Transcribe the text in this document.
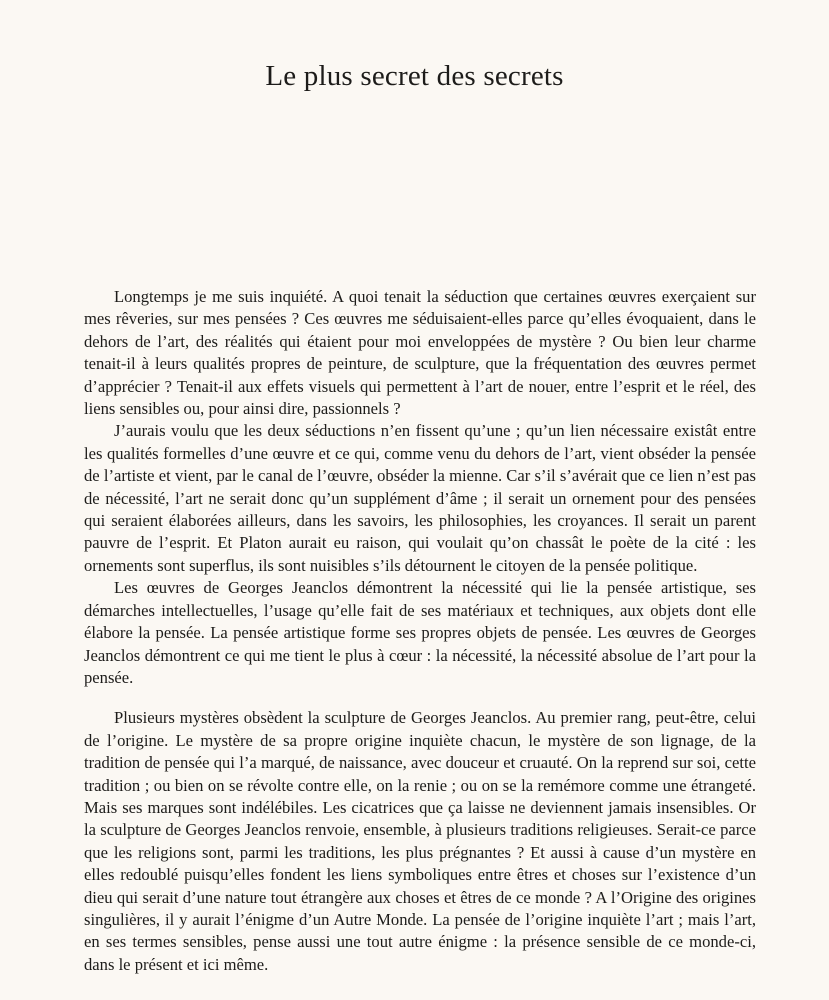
Le plus secret des secrets

Longtemps je me suis inquiété. A quoi tenait la séduction que certaines œuvres exerçaient sur mes rêveries, sur mes pensées ? Ces œuvres me séduisaient-elles parce qu’elles évoquaient, dans le dehors de l’art, des réalités qui étaient pour moi enveloppées de mystère ? Ou bien leur charme tenait-il à leurs qualités propres de peinture, de sculpture, que la fréquentation des œuvres permet d’apprécier ? Tenait-il aux effets visuels qui permettent à l’art de nouer, entre l’esprit et le réel, des liens sensibles ou, pour ainsi dire, passionnels ?

J’aurais voulu que les deux séductions n’en fissent qu’une ; qu’un lien nécessaire existât entre les qualités formelles d’une œuvre et ce qui, comme venu du dehors de l’art, vient obséder la pensée de l’artiste et vient, par le canal de l’œuvre, obséder la mienne. Car s’il s’avérait que ce lien n’est pas de nécessité, l’art ne serait donc qu’un supplément d’âme ; il serait un ornement pour des pensées qui seraient élaborées ailleurs, dans les savoirs, les philosophies, les croyances. Il serait un parent pauvre de l’esprit. Et Platon aurait eu raison, qui voulait qu’on chassât le poète de la cité : les ornements sont superflus, ils sont nuisibles s’ils détournent le citoyen de la pensée politique.

Les œuvres de Georges Jeanclos démontrent la nécessité qui lie la pensée artistique, ses démarches intellectuelles, l’usage qu’elle fait de ses matériaux et techniques, aux objets dont elle élabore la pensée. La pensée artistique forme ses propres objets de pensée. Les œuvres de Georges Jeanclos démontrent ce qui me tient le plus à cœur : la nécessité, la nécessité absolue de l’art pour la pensée.

Plusieurs mystères obsèdent la sculpture de Georges Jeanclos. Au premier rang, peut-être, celui de l’origine. Le mystère de sa propre origine inquiète chacun, le mystère de son lignage, de la tradition de pensée qui l’a marqué, de naissance, avec douceur et cruauté. On la reprend sur soi, cette tradition ; ou bien on se révolte contre elle, on la renie ; ou on se la remémore comme une étrangeté. Mais ses marques sont indélébiles. Les cicatrices que ça laisse ne deviennent jamais insensibles. Or la sculpture de Georges Jeanclos renvoie, ensemble, à plusieurs traditions religieuses. Serait-ce parce que les religions sont, parmi les traditions, les plus prégnantes ? Et aussi à cause d’un mystère en elles redoublé puisqu’elles fondent les liens symboliques entre êtres et choses sur l’existence d’un dieu qui serait d’une nature tout étrangère aux choses et êtres de ce monde ? A l’Origine des origines singulières, il y aurait l’énigme d’un Autre Monde. La pensée de l’origine inquiète l’art ; mais l’art, en ses termes sensibles, pense aussi une tout autre énigme : la présence sensible de ce monde-ci, dans le présent et ici même.
